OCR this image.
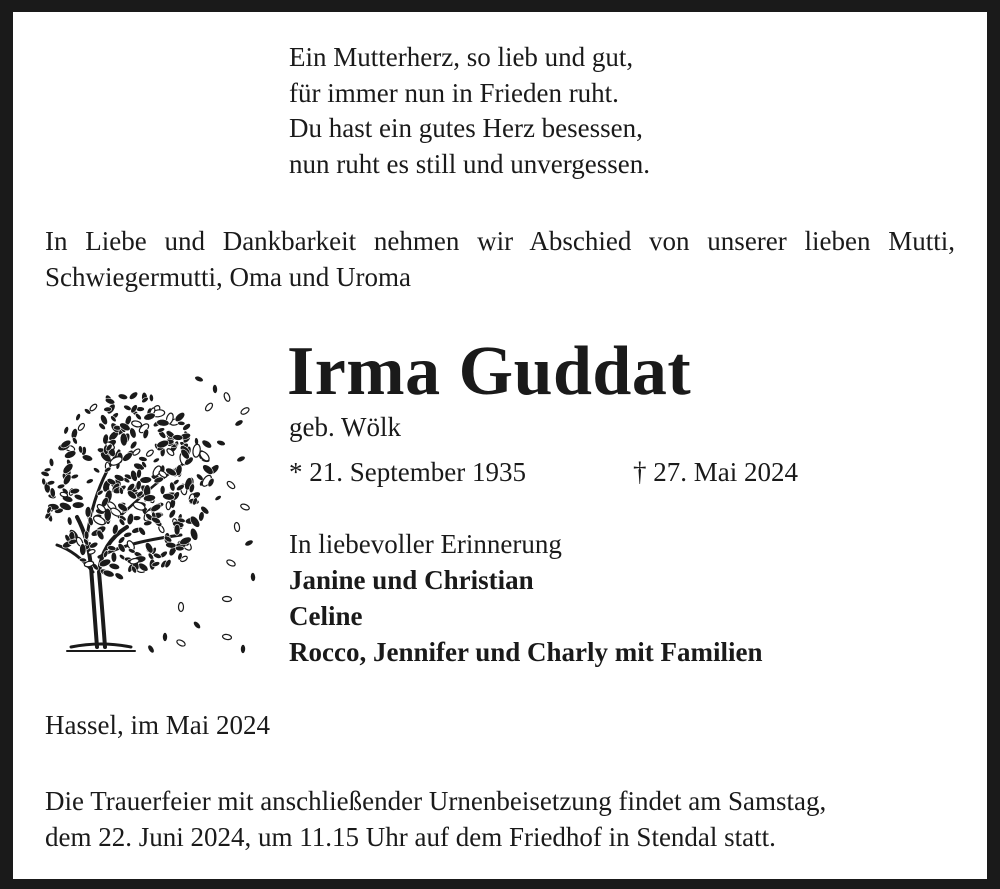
Ein Mutterherz, so lieb und gut,
für immer nun in Frieden ruht.
Du hast ein gutes Herz besessen,
nun ruht es still und unvergessen.
In Liebe und Dankbarkeit nehmen wir Abschied von unserer lieben Mutti, Schwiegermutti, Oma und Uroma
Irma Guddat
geb. Wölk
* 21. September 1935	† 27. Mai 2024
In liebevoller Erinnerung
Janine und Christian
Celine
Rocco, Jennifer und Charly mit Familien
Hassel, im Mai 2024
Die Trauerfeier mit anschließender Urnenbeisetzung findet am Samstag,
dem 22. Juni 2024, um 11.15 Uhr auf dem Friedhof in Stendal statt.
